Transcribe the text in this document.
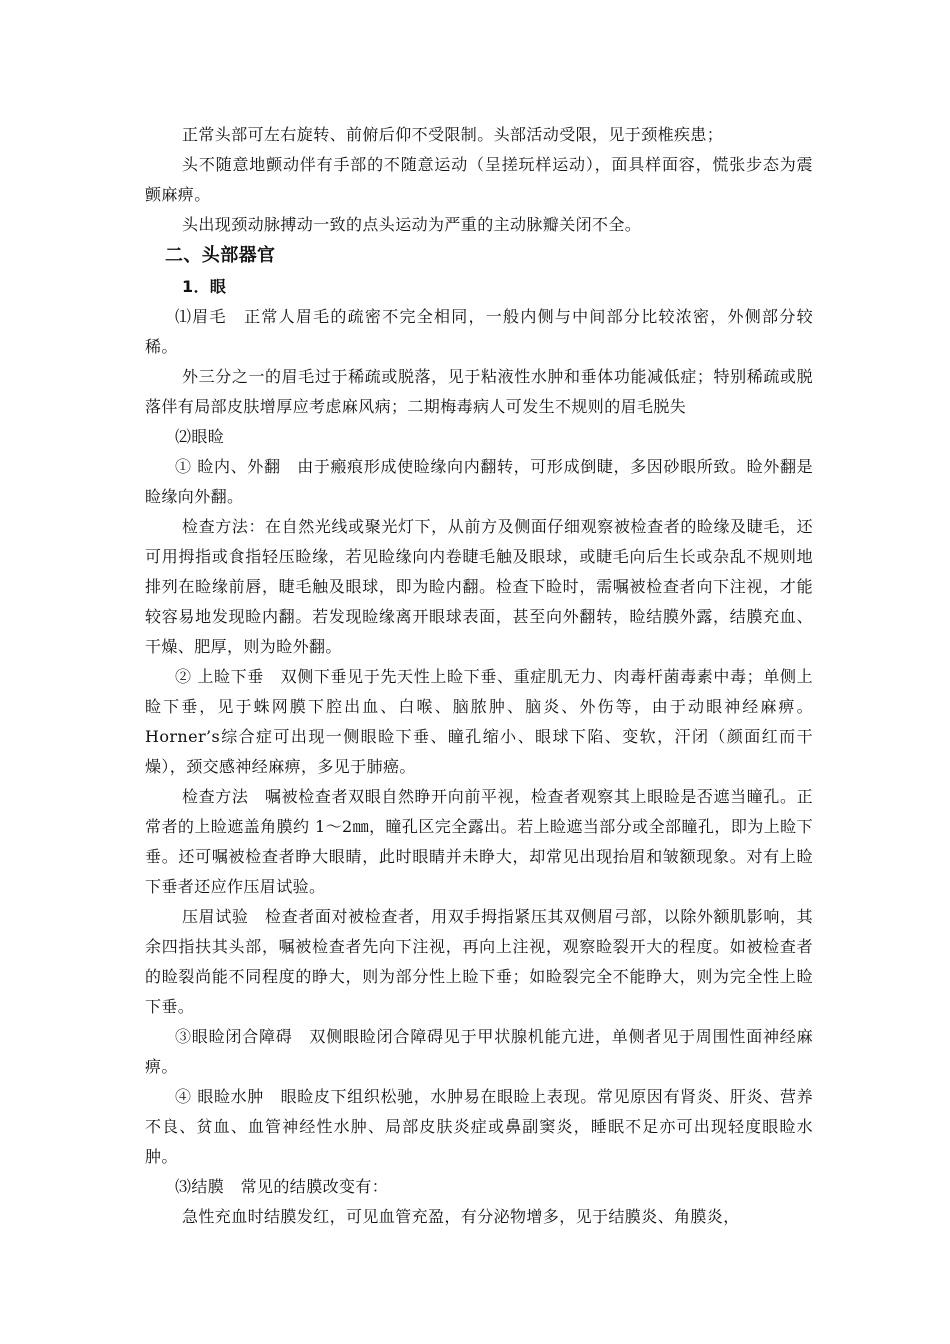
正常头部可左右旋转、前俯后仰不受限制。头部活动受限，见于颈椎疾患；

头不随意地颤动伴有手部的不随意运动（呈搓玩样运动），面具样面容，慌张步态为震颤麻痹。

头出现颈动脉搏动一致的点头运动为严重的主动脉瓣关闭不全。

二、头部器官

1．眼

⑴眉毛　正常人眉毛的疏密不完全相同，一般内侧与中间部分比较浓密，外侧部分较稀。

外三分之一的眉毛过于稀疏或脱落，见于粘液性水肿和垂体功能减低症；特别稀疏或脱落伴有局部皮肤增厚应考虑麻风病；二期梅毒病人可发生不规则的眉毛脱失

⑵眼睑

① 睑内、外翻　由于瘢痕形成使睑缘向内翻转，可形成倒睫，多因砂眼所致。睑外翻是睑缘向外翻。

检查方法：在自然光线或聚光灯下，从前方及侧面仔细观察被检查者的睑缘及睫毛，还可用拇指或食指轻压睑缘，若见睑缘向内卷睫毛触及眼球，或睫毛向后生长或杂乱不规则地排列在睑缘前唇，睫毛触及眼球，即为睑内翻。检查下睑时，需嘱被检查者向下注视，才能较容易地发现睑内翻。若发现睑缘离开眼球表面，甚至向外翻转，睑结膜外露，结膜充血、干燥、肥厚，则为睑外翻。

② 上睑下垂　双侧下垂见于先天性上睑下垂、重症肌无力、肉毒杆菌毒素中毒；单侧上睑下垂，见于蛛网膜下腔出血、白喉、脑脓肿、脑炎、外伤等，由于动眼神经麻痹。Horner’s综合症可出现一侧眼睑下垂、瞳孔缩小、眼球下陷、变软，汗闭（颜面红而干燥），颈交感神经麻痹，多见于肺癌。

检查方法　嘱被检查者双眼自然睁开向前平视，检查者观察其上眼睑是否遮当瞳孔。正常者的上睑遮盖角膜约 1～2㎜，瞳孔区完全露出。若上睑遮当部分或全部瞳孔，即为上睑下垂。还可嘱被检查者睁大眼睛，此时眼睛并未睁大，却常见出现抬眉和皱额现象。对有上睑下垂者还应作压眉试验。

压眉试验　检查者面对被检查者，用双手拇指紧压其双侧眉弓部，以除外额肌影响，其余四指扶其头部，嘱被检查者先向下注视，再向上注视，观察睑裂开大的程度。如被检查者的睑裂尚能不同程度的睁大，则为部分性上睑下垂；如睑裂完全不能睁大，则为完全性上睑下垂。

③眼睑闭合障碍　双侧眼睑闭合障碍见于甲状腺机能亢进，单侧者见于周围性面神经麻痹。

④ 眼睑水肿　眼睑皮下组织松驰，水肿易在眼睑上表现。常见原因有肾炎、肝炎、营养不良、贫血、血管神经性水肿、局部皮肤炎症或鼻副窦炎，睡眠不足亦可出现轻度眼睑水肿。

⑶结膜　常见的结膜改变有：

急性充血时结膜发红，可见血管充盈，有分泌物增多，见于结膜炎、角膜炎，
